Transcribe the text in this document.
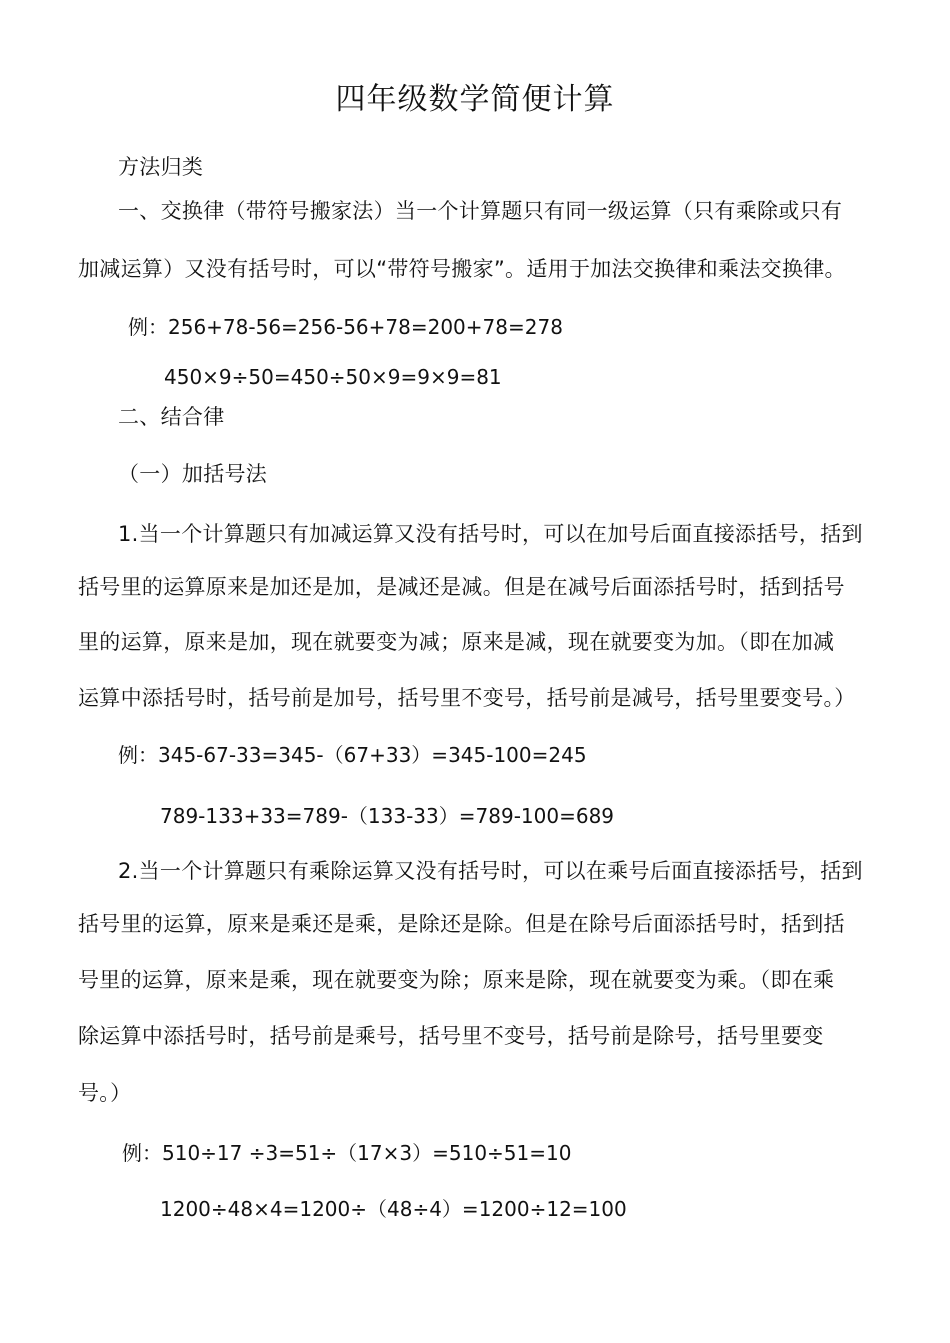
四年级数学简便计算
方法归类
一、交换律（带符号搬家法）当一个计算题只有同一级运算（只有乘除或只有
加减运算）又没有括号时，可以“带符号搬家”。适用于加法交换律和乘法交换律。
例：256+78-56=256-56+78=200+78=278
450×9÷50=450÷50×9=9×9=81
二、结合律
（一）加括号法
1.当一个计算题只有加减运算又没有括号时，可以在加号后面直接添括号，括到
括号里的运算原来是加还是加，是减还是减。但是在减号后面添括号时，括到括号
里的运算，原来是加，现在就要变为减；原来是减，现在就要变为加。（即在加减
运算中添括号时，括号前是加号，括号里不变号，括号前是减号，括号里要变号。）
例：345-67-33=345-（67+33）=345-100=245
789-133+33=789-（133-33）=789-100=689
2.当一个计算题只有乘除运算又没有括号时，可以在乘号后面直接添括号，括到
括号里的运算，原来是乘还是乘，是除还是除。但是在除号后面添括号时，括到括
号里的运算，原来是乘，现在就要变为除；原来是除，现在就要变为乘。（即在乘
除运算中添括号时，括号前是乘号，括号里不变号，括号前是除号，括号里要变
号。）
例：510÷17 ÷3=51÷（17×3）=510÷51=10
1200÷48×4=1200÷（48÷4）=1200÷12=100
